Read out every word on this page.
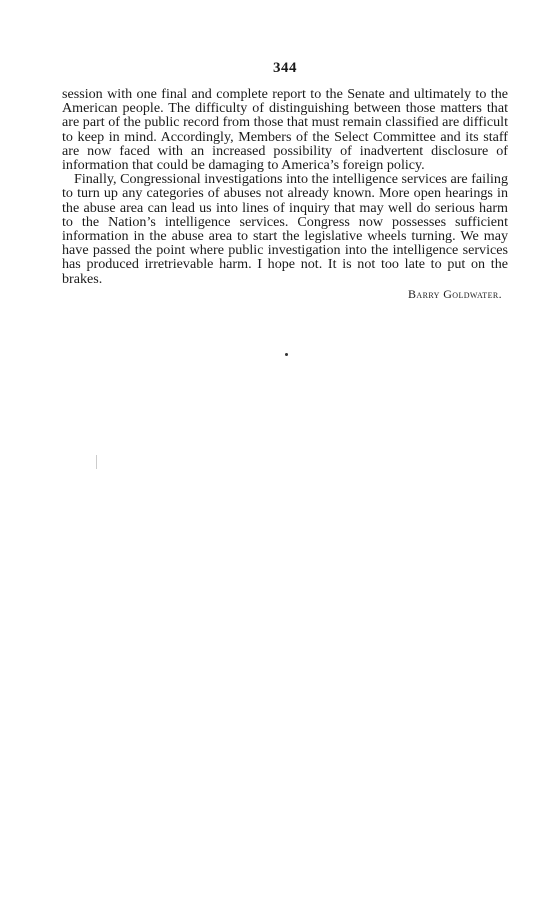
344

session with one final and complete report to the Senate and ultimately to the American people. The difficulty of distinguishing between those matters that are part of the public record from those that must remain classified are difficult to keep in mind. Accordingly, Members of the Select Committee and its staff are now faced with an increased possibility of inadvertent disclosure of information that could be damaging to America’s foreign policy.

Finally, Congressional investigations into the intelligence services are failing to turn up any categories of abuses not already known. More open hearings in the abuse area can lead us into lines of inquiry that may well do serious harm to the Nation’s intelligence services. Congress now possesses sufficient information in the abuse area to start the legislative wheels turning. We may have passed the point where public investigation into the intelligence services has produced irretrievable harm. I hope not. It is not too late to put on the brakes.

Barry Goldwater.
